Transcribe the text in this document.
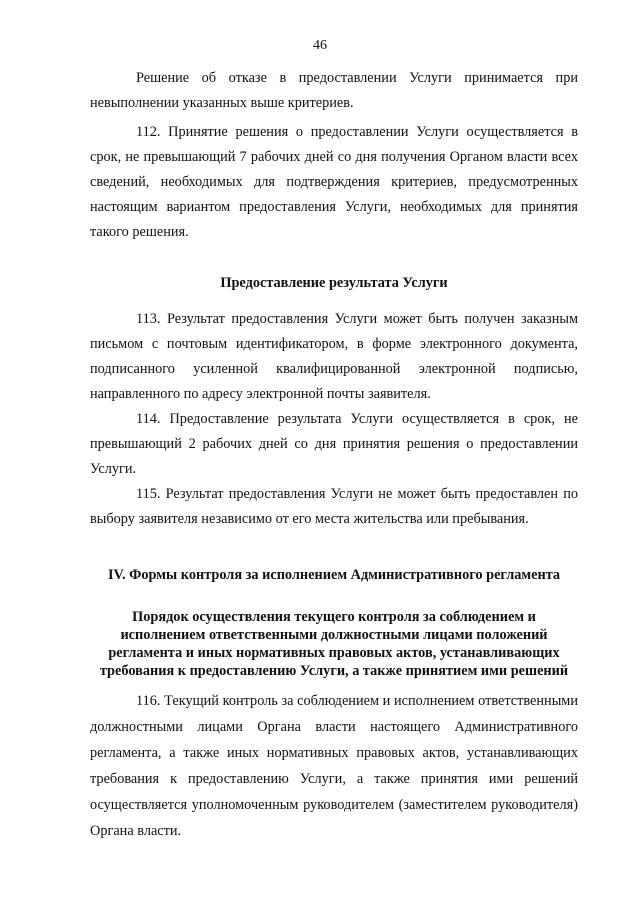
46

Решение об отказе в предоставлении Услуги принимается при невыполнении указанных выше критериев.

112. Принятие решения о предоставлении Услуги осуществляется в срок, не превышающий 7 рабочих дней со дня получения Органом власти всех сведений, необходимых для подтверждения критериев, предусмотренных настоящим вариантом предоставления Услуги, необходимых для принятия такого решения.

Предоставление результата Услуги

113. Результат предоставления Услуги может быть получен заказным письмом с почтовым идентификатором, в форме электронного документа, подписанного усиленной квалифицированной электронной подписью, направленного по адресу электронной почты заявителя.

114. Предоставление результата Услуги осуществляется в срок, не превышающий 2 рабочих дней со дня принятия решения о предоставлении Услуги.

115. Результат предоставления Услуги не может быть предоставлен по выбору заявителя независимо от его места жительства или пребывания.

IV. Формы контроля за исполнением Административного регламента
Порядок осуществления текущего контроля за соблюдением и исполнением ответственными должностными лицами положений регламента и иных нормативных правовых актов, устанавливающих требования к предоставлению Услуги, а также принятием ими решений

116. Текущий контроль за соблюдением и исполнением ответственными должностными лицами Органа власти настоящего Административного регламента, а также иных нормативных правовых актов, устанавливающих требования к предоставлению Услуги, а также принятия ими решений осуществляется уполномоченным руководителем (заместителем руководителя) Органа власти.
